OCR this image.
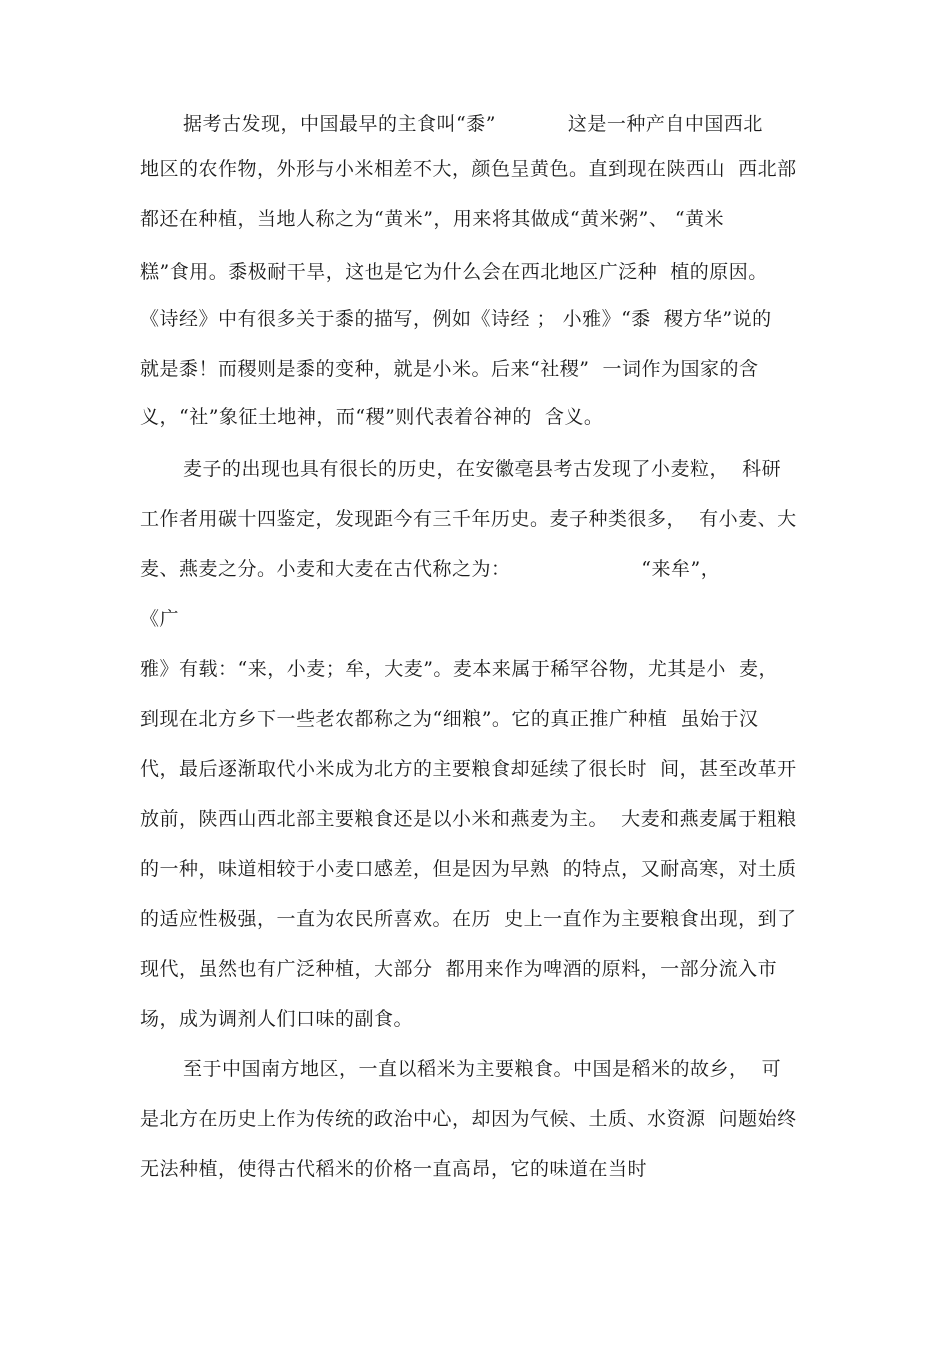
据考古发现，中国最早的主食叫“黍”           这是一种产自中国西北
地区的农作物，外形与小米相差不大，颜色呈黄色。直到现在陕西山  西北部
都还在种植，当地人称之为“黄米”，用来将其做成“黄米粥”、 “黄米
糕”食用。黍极耐干旱，这也是它为什么会在西北地区广泛种  植的原因。
《诗经》中有很多关于黍的描写，例如《诗经 ； 小雅》“黍  稷方华”说的
就是黍！而稷则是黍的变种，就是小米。后来“社稷”  一词作为国家的含
义，“社”象征土地神，而“稷”则代表着谷神的  含义。
麦子的出现也具有很长的历史，在安徽亳县考古发现了小麦粒，  科研
工作者用碳十四鉴定，发现距今有三千年历史。麦子种类很多，  有小麦、大
麦、燕麦之分。小麦和大麦在古代称之为：                    “来牟”，
《广
雅》有载：“来，小麦；牟，大麦”。麦本来属于稀罕谷物，尤其是小  麦，
到现在北方乡下一些老农都称之为“细粮”。它的真正推广种植  虽始于汉
代，最后逐渐取代小米成为北方的主要粮食却延续了很长时  间，甚至改革开
放前，陕西山西北部主要粮食还是以小米和燕麦为主。  大麦和燕麦属于粗粮
的一种，味道相较于小麦口感差，但是因为早熟  的特点，又耐高寒，对土质
的适应性极强，一直为农民所喜欢。在历  史上一直作为主要粮食出现，到了
现代，虽然也有广泛种植，大部分  都用来作为啤酒的原料，一部分流入市
场，成为调剂人们口味的副食。
至于中国南方地区，一直以稻米为主要粮食。中国是稻米的故乡，  可
是北方在历史上作为传统的政治中心，却因为气候、土质、水资源  问题始终
无法种植，使得古代稻米的价格一直高昂，它的味道在当时
